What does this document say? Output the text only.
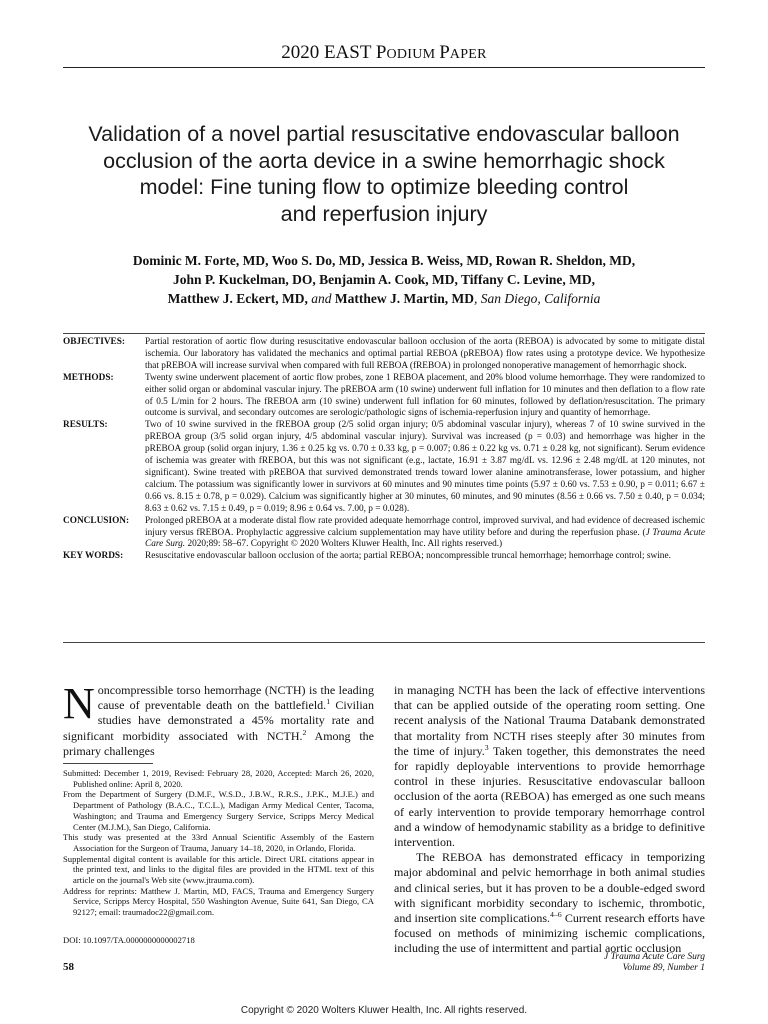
2020 EAST PODIUM PAPER
Validation of a novel partial resuscitative endovascular balloon
occlusion of the aorta device in a swine hemorrhagic shock
model: Fine tuning flow to optimize bleeding control
and reperfusion injury
Dominic M. Forte, MD, Woo S. Do, MD, Jessica B. Weiss, MD, Rowan R. Sheldon, MD,
John P. Kuckelman, DO, Benjamin A. Cook, MD, Tiffany C. Levine, MD,
Matthew J. Eckert, MD, and Matthew J. Martin, MD, San Diego, California
OBJECTIVES:	Partial restoration of aortic flow during resuscitative endovascular balloon occlusion of the aorta (REBOA) is advocated by some to mitigate distal ischemia. Our laboratory has validated the mechanics and optimal partial REBOA (pREBOA) flow rates using a prototype device. We hypothesize that pREBOA will increase survival when compared with full REBOA (fREBOA) in prolonged nonoperative management of hemorrhagic shock.
METHODS:	Twenty swine underwent placement of aortic flow probes, zone 1 REBOA placement, and 20% blood volume hemorrhage. They were randomized to either solid organ or abdominal vascular injury. The pREBOA arm (10 swine) underwent full inflation for 10 minutes and then deflation to a flow rate of 0.5 L/min for 2 hours. The fREBOA arm (10 swine) underwent full inflation for 60 minutes, followed by deflation/resuscitation. The primary outcome is survival, and secondary outcomes are serologic/pathologic signs of ischemia-reperfusion injury and quantity of hemorrhage.
RESULTS:	Two of 10 swine survived in the fREBOA group (2/5 solid organ injury; 0/5 abdominal vascular injury), whereas 7 of 10 swine survived in the pREBOA group (3/5 solid organ injury, 4/5 abdominal vascular injury). Survival was increased (p = 0.03) and hemorrhage was higher in the pREBOA group (solid organ injury, 1.36 ± 0.25 kg vs. 0.70 ± 0.33 kg, p = 0.007; 0.86 ± 0.22 kg vs. 0.71 ± 0.28 kg, not significant). Serum evidence of ischemia was greater with fREBOA, but this was not significant (e.g., lactate, 16.91 ± 3.87 mg/dL vs. 12.96 ± 2.48 mg/dL at 120 minutes, not significant). Swine treated with pREBOA that survived demonstrated trends toward lower alanine aminotransferase, lower potassium, and higher calcium. The potassium was significantly lower in survivors at 60 minutes and 90 minutes time points (5.97 ± 0.60 vs. 7.53 ± 0.90, p = 0.011; 6.67 ± 0.66 vs. 8.15 ± 0.78, p = 0.029). Calcium was significantly higher at 30 minutes, 60 minutes, and 90 minutes (8.56 ± 0.66 vs. 7.50 ± 0.40, p = 0.034; 8.63 ± 0.62 vs. 7.15 ± 0.49, p = 0.019; 8.96 ± 0.64 vs. 7.00, p = 0.028).
CONCLUSION:	Prolonged pREBOA at a moderate distal flow rate provided adequate hemorrhage control, improved survival, and had evidence of decreased ischemic injury versus fREBOA. Prophylactic aggressive calcium supplementation may have utility before and during the reperfusion phase. (J Trauma Acute Care Surg. 2020;89: 58–67. Copyright © 2020 Wolters Kluwer Health, Inc. All rights reserved.)
KEY WORDS:	Resuscitative endovascular balloon occlusion of the aorta; partial REBOA; noncompressible truncal hemorrhage; hemorrhage control; swine.

Noncompressible torso hemorrhage (NCTH) is the leading cause of preventable death on the battlefield.$^1$ Civilian studies have demonstrated a 45% mortality rate and significant morbidity associated with NCTH.$^2$ Among the primary challenges

Submitted: December 1, 2019, Revised: February 28, 2020, Accepted: March 26, 2020, Published online: April 8, 2020.

From the Department of Surgery (D.M.F., W.S.D., J.B.W., R.R.S., J.P.K., M.J.E.) and Department of Pathology (B.A.C., T.C.L.), Madigan Army Medical Center, Tacoma, Washington; and Trauma and Emergency Surgery Service, Scripps Mercy Medical Center (M.J.M.), San Diego, California.

This study was presented at the 33rd Annual Scientific Assembly of the Eastern Association for the Surgeon of Trauma, January 14–18, 2020, in Orlando, Florida.

Supplemental digital content is available for this article. Direct URL citations appear in the printed text, and links to the digital files are provided in the HTML text of this article on the journal's Web site (www.jtrauma.com).

Address for reprints: Matthew J. Martin, MD, FACS, Trauma and Emergency Surgery Service, Scripps Mercy Hospital, 550 Washington Avenue, Suite 641, San Diego, CA 92127; email: traumadoc22@gmail.com.

DOI: 10.1097/TA.0000000000002718

in managing NCTH has been the lack of effective interventions that can be applied outside of the operating room setting. One recent analysis of the National Trauma Databank demonstrated that mortality from NCTH rises steeply after 30 minutes from the time of injury.$^3$ Taken together, this demonstrates the need for rapidly deployable interventions to provide hemorrhage control in these injuries. Resuscitative endovascular balloon occlusion of the aorta (REBOA) has emerged as one such means of early intervention to provide temporary hemorrhage control and a window of hemodynamic stability as a bridge to definitive intervention.

The REBOA has demonstrated efficacy in temporizing major abdominal and pelvic hemorrhage in both animal studies and clinical series, but it has proven to be a double-edged sword with significant morbidity secondary to ischemic, thrombotic, and insertion site complications.$^{4-6}$ Current research efforts have focused on methods of minimizing ischemic complications, including the use of intermittent and partial aortic occlusion

58
J Trauma Acute Care Surg
Volume 89, Number 1
Copyright © 2020 Wolters Kluwer Health, Inc. All rights reserved.
